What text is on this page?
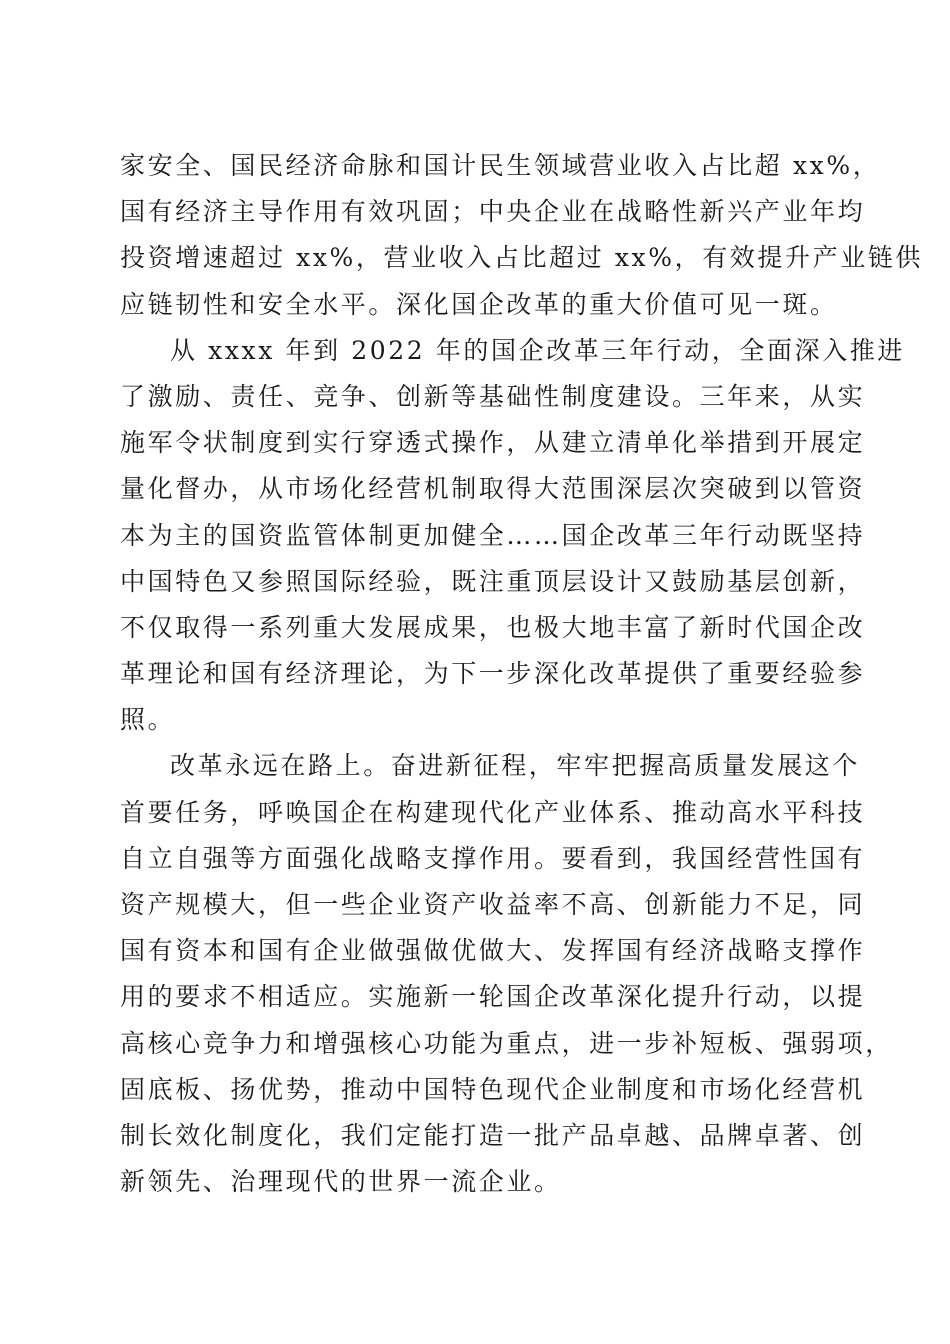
家安全、国民经济命脉和国计民生领域营业收入占比超 xx%，
国有经济主导作用有效巩固；中央企业在战略性新兴产业年均
投资增速超过 xx%，营业收入占比超过 xx%，有效提升产业链供
应链韧性和安全水平。深化国企改革的重大价值可见一斑。
从 xxxx 年到 2022 年的国企改革三年行动，全面深入推进
了激励、责任、竞争、创新等基础性制度建设。三年来，从实
施军令状制度到实行穿透式操作，从建立清单化举措到开展定
量化督办，从市场化经营机制取得大范围深层次突破到以管资
本为主的国资监管体制更加健全……国企改革三年行动既坚持
中国特色又参照国际经验，既注重顶层设计又鼓励基层创新，
不仅取得一系列重大发展成果，也极大地丰富了新时代国企改
革理论和国有经济理论，为下一步深化改革提供了重要经验参
照。
改革永远在路上。奋进新征程，牢牢把握高质量发展这个
首要任务，呼唤国企在构建现代化产业体系、推动高水平科技
自立自强等方面强化战略支撑作用。要看到，我国经营性国有
资产规模大，但一些企业资产收益率不高、创新能力不足，同
国有资本和国有企业做强做优做大、发挥国有经济战略支撑作
用的要求不相适应。实施新一轮国企改革深化提升行动，以提
高核心竞争力和增强核心功能为重点，进一步补短板、强弱项，
固底板、扬优势，推动中国特色现代企业制度和市场化经营机
制长效化制度化，我们定能打造一批产品卓越、品牌卓著、创
新领先、治理现代的世界一流企业。
